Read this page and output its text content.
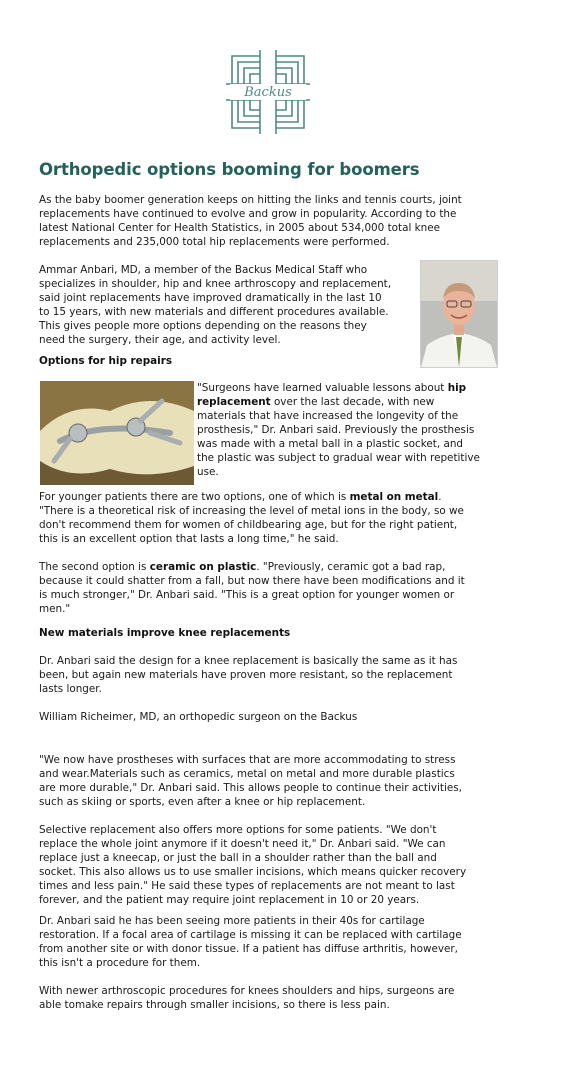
Backus
Orthopedic options booming for boomers

As the baby boomer generation keeps on hitting the links and tennis courts, joint

replacements have continued to evolve and grow in popularity. According to the

latest National Center for Health Statistics, in 2005 about 534,000 total knee

replacements and 235,000 total hip replacements were performed.

Ammar Anbari, MD, a member of the Backus Medical Staff who

specializes in shoulder, hip and knee arthroscopy and replacement,

said joint replacements have improved dramatically in the last 10

to 15 years, with new materials and different procedures available.

This gives people more options depending on the reasons they

need the surgery, their age, and activity level.

Options for hip repairs

"Surgeons have learned valuable lessons about hip

replacement over the last decade, with new

materials that have increased the longevity of the

prosthesis," Dr. Anbari said. Previously the prosthesis

was made with a metal ball in a plastic socket, and

the plastic was subject to gradual wear with repetitive

use.

For younger patients there are two options, one of which is metal on metal.

"There is a theoretical risk of increasing the level of metal ions in the body, so we

don't recommend them for women of childbearing age, but for the right patient,

this is an excellent option that lasts a long time," he said.

The second option is ceramic on plastic. "Previously, ceramic got a bad rap,

because it could shatter from a fall, but now there have been modifications and it

is much stronger," Dr. Anbari said. "This is a great option for younger women or

men."

New materials improve knee replacements

Dr. Anbari said the design for a knee replacement is basically the same as it has

been, but again new materials have proven more resistant, so the replacement

lasts longer.

William Richeimer, MD, an orthopedic surgeon on the Backus

"We now have prostheses with surfaces that are more accommodating to stress

and wear.Materials such as ceramics, metal on metal and more durable plastics

are more durable," Dr. Anbari said. This allows people to continue their activities,

such as skiing or sports, even after a knee or hip replacement.

Selective replacement also offers more options for some patients. "We don't

replace the whole joint anymore if it doesn't need it," Dr. Anbari said. "We can

replace just a kneecap, or just the ball in a shoulder rather than the ball and

socket. This also allows us to use smaller incisions, which means quicker recovery

times and less pain." He said these types of replacements are not meant to last

forever, and the patient may require joint replacement in 10 or 20 years.

Dr. Anbari said he has been seeing more patients in their 40s for cartilage

restoration. If a focal area of cartilage is missing it can be replaced with cartilage

from another site or with donor tissue. If a patient has diffuse arthritis, however,

this isn't a procedure for them.

With newer arthroscopic procedures for knees shoulders and hips, surgeons are

able tomake repairs through smaller incisions, so there is less pain.
